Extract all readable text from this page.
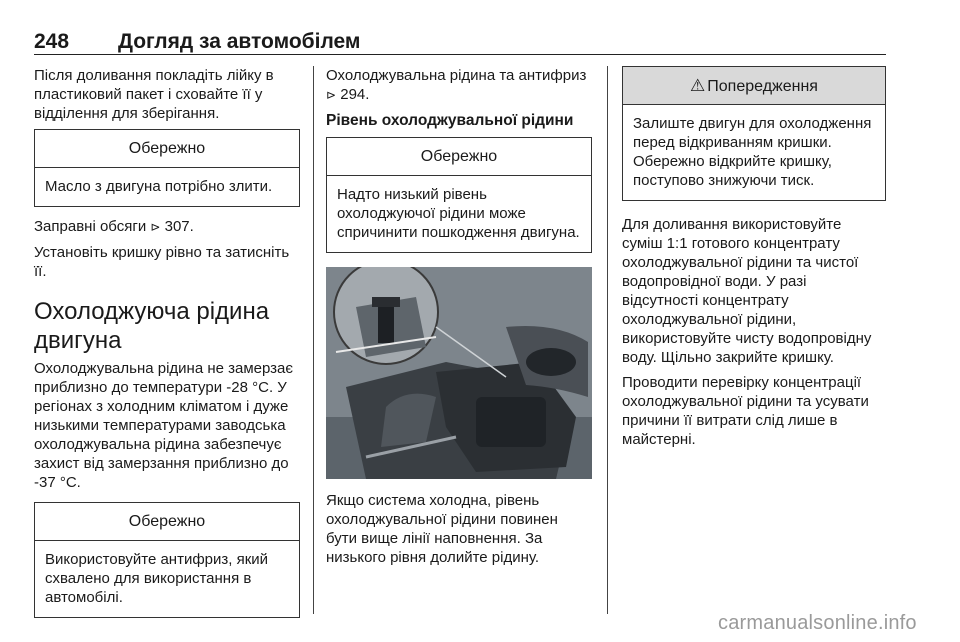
248 Догляд за автомобілем

Після доливання покладіть лійку в пластиковий пакет і сховайте її у відділення для зберігання.

Обережно
Масло з двигуна потрібно злити.

Заправні обсяги ⊳ 307.

Установіть кришку рівно та затисніть її.

Охолоджуюча рідина двигуна

Охолоджувальна рідина не замерзає приблизно до температури -28 °C. У регіонах з холодним кліматом і дуже низькими температурами заводська охолоджувальна рідина забезпечує захист від замерзання приблизно до -37 °C.

Обережно
Використовуйте антифриз, який схвалено для використання в автомобілі.

Охолоджувальна рідина та антифриз ⊳ 294.

Рівень охолоджувальної рідини
Обережно
Надто низький рівень охолоджуючої рідини може спричинити пошкодження двигуна.

Якщо система холодна, рівень охолоджувальної рідини повинен бути вище лінії наповнення. За низького рівня долийте рідину.

⚠ Попередження
Залиште двигун для охолодження перед відкриванням кришки. Обережно відкрийте кришку, поступово знижуючи тиск.

Для доливання використовуйте суміш 1:1 готового концентрату охолоджувальної рідини та чистої водопровідної води. У разі відсутності концентрату охолоджувальної рідини, використовуйте чисту водопровідну воду. Щільно закрийте кришку.

Проводити перевірку концентрації охолоджувальної рідини та усувати причини її витрати слід лише в майстерні.

carmanualsonline.info
